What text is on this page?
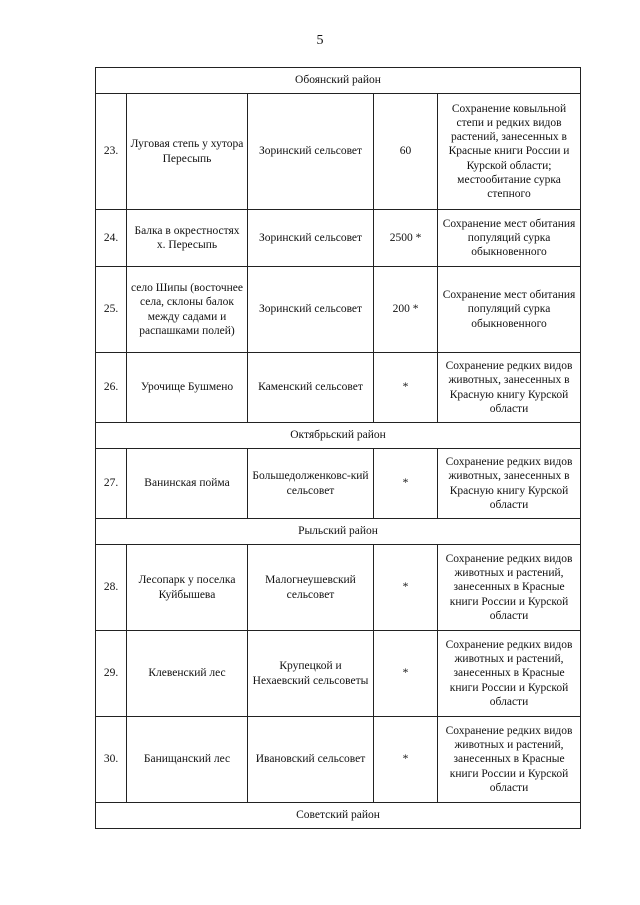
5
Обоянский район				
23.	Луговая степь у хутора Пересыпь	Зоринский сельсовет	60	Сохранение ковыльной степи и редких видов растений, занесенных в Красные книги России и Курской области; местообитание сурка степного
24.	Балка в окрестностях х. Пересыпь	Зоринский сельсовет	2500 *	Сохранение мест обитания популяций сурка обыкновенного
25.	село Шипы (восточнее села, склоны балок между садами и распашками полей)	Зоринский сельсовет	200 *	Сохранение мест обитания популяций сурка обыкновенного
26.	Урочище Бушмено	Каменский сельсовет	*	Сохранение редких видов животных, занесенных в Красную книгу Курской области
Октябрьский район				
27.	Ванинская пойма	Большедолженковс-кий сельсовет	*	Сохранение редких видов животных, занесенных в Красную книгу Курской области
Рыльский район				
28.	Лесопарк у поселка Куйбышева	Малогнеушевский сельсовет	*	Сохранение редких видов животных и растений, занесенных в Красные книги России и Курской области
29.	Клевенский лес	Крупецкой и Нехаевский сельсоветы	*	Сохранение редких видов животных и растений, занесенных в Красные книги России и Курской области
30.	Банищанский лес	Ивановский сельсовет	*	Сохранение редких видов животных и растений, занесенных в Красные книги России и Курской области
Советский район				
